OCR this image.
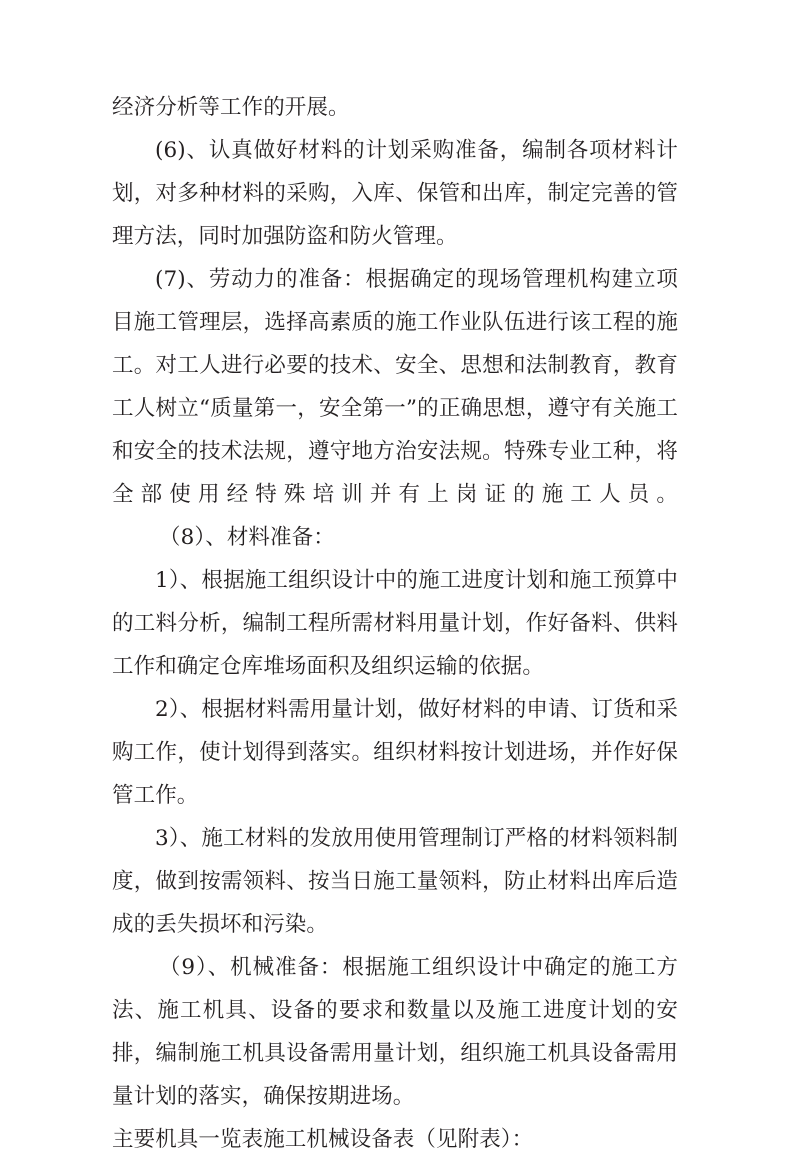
经济分析等工作的开展。

(6)、认真做好材料的计划采购准备，编制各项材料计划，对多种材料的采购，入库、保管和出库，制定完善的管理方法，同时加强防盗和防火管理。

(7)、劳动力的准备：根据确定的现场管理机构建立项目施工管理层，选择高素质的施工作业队伍进行该工程的施工。对工人进行必要的技术、安全、思想和法制教育，教育工人树立“质量第一，安全第一”的正确思想，遵守有关施工和安全的技术法规，遵守地方治安法规。特殊专业工种，将全部使用经特殊培训并有上岗证的施工人员。

（8）、材料准备：

1）、根据施工组织设计中的施工进度计划和施工预算中的工料分析，编制工程所需材料用量计划，作好备料、供料工作和确定仓库堆场面积及组织运输的依据。

2）、根据材料需用量计划，做好材料的申请、订货和采购工作，使计划得到落实。组织材料按计划进场，并作好保管工作。

3）、施工材料的发放用使用管理制订严格的材料领料制度，做到按需领料、按当日施工量领料，防止材料出库后造成的丢失损坏和污染。

（9）、机械准备：根据施工组织设计中确定的施工方法、施工机具、设备的要求和数量以及施工进度计划的安排，编制施工机具设备需用量计划，组织施工机具设备需用量计划的落实，确保按期进场。

主要机具一览表施工机械设备表（见附表）：
